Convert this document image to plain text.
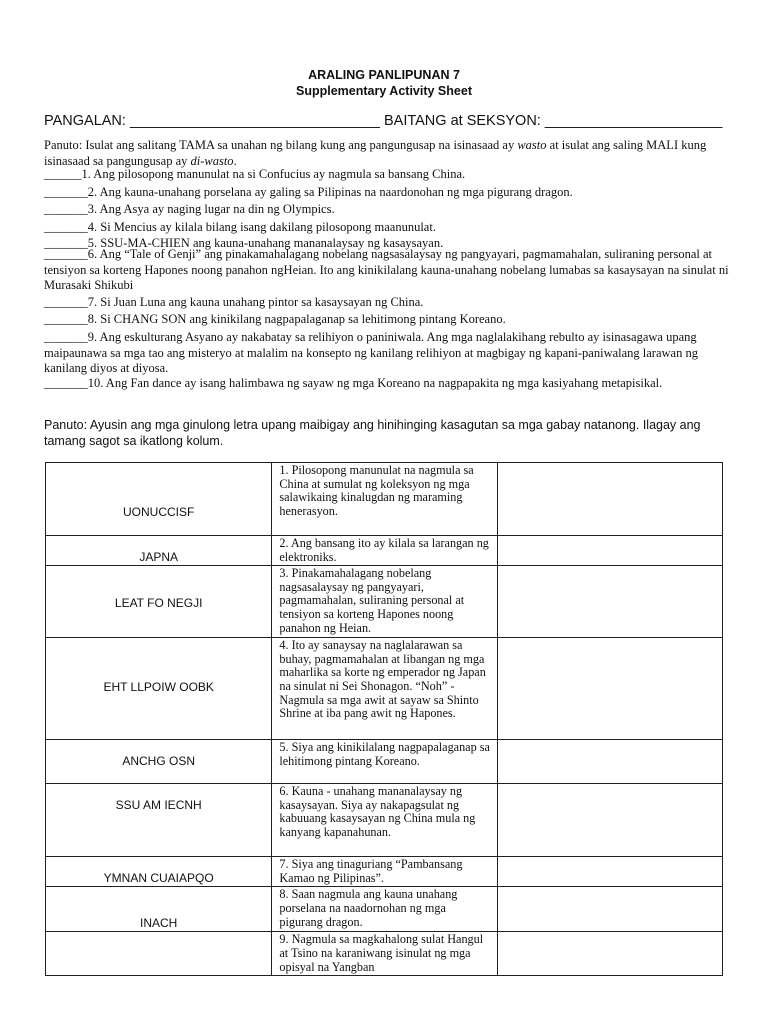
ARALING PANLIPUNAN 7
Supplementary Activity Sheet
PANGALAN: _______________________________ BAITANG at SEKSYON: ______________________
Panuto: Isulat ang salitang TAMA sa unahan ng bilang kung ang pangungusap na isinasaad ay wasto at isulat ang saling MALI kung isinasaad sa pangungusap ay di-wasto.
______1. Ang pilosopong manunulat na si Confucius ay nagmula sa bansang China.
_______2. Ang kauna-unahang porselana ay galing sa Pilipinas na naardonohan ng mga pigurang dragon.
_______3. Ang Asya ay naging lugar na din ng Olympics.
_______4. Si Mencius ay kilala bilang isang dakilang pilosopong maanunulat.
_______5. SSU-MA-CHIEN ang kauna-unahang mananalaysay ng kasaysayan.
_______6. Ang “Tale of Genji” ang pinakamahalagang nobelang nagsasalaysay ng pangyayari, pagmamahalan, suliraning personal at tensiyon sa korteng Hapones noong panahon ngHeian. Ito ang kinikilalang kauna-unahang nobelang lumabas sa kasaysayan na sinulat ni Murasaki Shikubi
_______7. Si Juan Luna ang kauna unahang pintor sa kasaysayan ng China.
_______8. Si CHANG SON ang kinikilang nagpapalaganap sa lehitimong pintang Koreano.
_______9. Ang eskulturang Asyano ay nakabatay sa relihiyon o paniniwala. Ang mga naglalakihang rebulto ay isinasagawa upang maipaunawa sa mga tao ang misteryo at malalim na konsepto ng kanilang relihiyon at magbigay ng kapani-paniwalang larawan ng kanilang diyos at diyosa.
_______10. Ang Fan dance ay isang halimbawa ng sayaw ng mga Koreano na nagpapakita ng mga kasiyahang metapisikal.
Panuto: Ayusin ang mga ginulong letra upang maibigay ang hinihinging kasagutan sa mga gabay natanong. Ilagay ang tamang sagot sa ikatlong kolum.
UONUCCISF	1. Pilosopong manunulat na nagmula sa China at sumulat ng koleksyon ng mga salawikaing kinalugdan ng maraming henerasyon.	

JAPNA	2. Ang bansang ito ay kilala sa larangan ng elektroniks.	

LEAT FO NEGJI	3. Pinakamahalagang nobelang nagsasalaysay ng pangyayari, pagmamahalan, suliraning personal at tensiyon sa korteng Hapones noong panahon ng Heian.	

EHT LLPOIW OOBK	4. Ito ay sanaysay na naglalarawan sa buhay, pagmamahalan at libangan ng mga maharlika sa korte ng emperador ng Japan na sinulat ni Sei Shonagon. “Noh” - Nagmula sa mga awit at sayaw sa Shinto Shrine at iba pang awit ng Hapones.	

ANCHG OSN	5. Siya ang kinikilalang nagpapalaganap sa lehitimong pintang Koreano.	

SSU AM IECNH	6. Kauna - unahang mananalaysay ng kasaysayan. Siya ay nakapagsulat ng kabuuang kasaysayan ng China mula ng kanyang kapanahunan.	

YMNAN CUAIAPQO	7. Siya ang tinaguriang “Pambansang Kamao ng Pilipinas”.	

INACH	8. Saan nagmula ang kauna unahang porselana na naadornohan ng mga pigurang dragon.	

	9. Nagmula sa magkahalong sulat Hangul at Tsino na karaniwang isinulat ng mga opisyal na Yangban	
